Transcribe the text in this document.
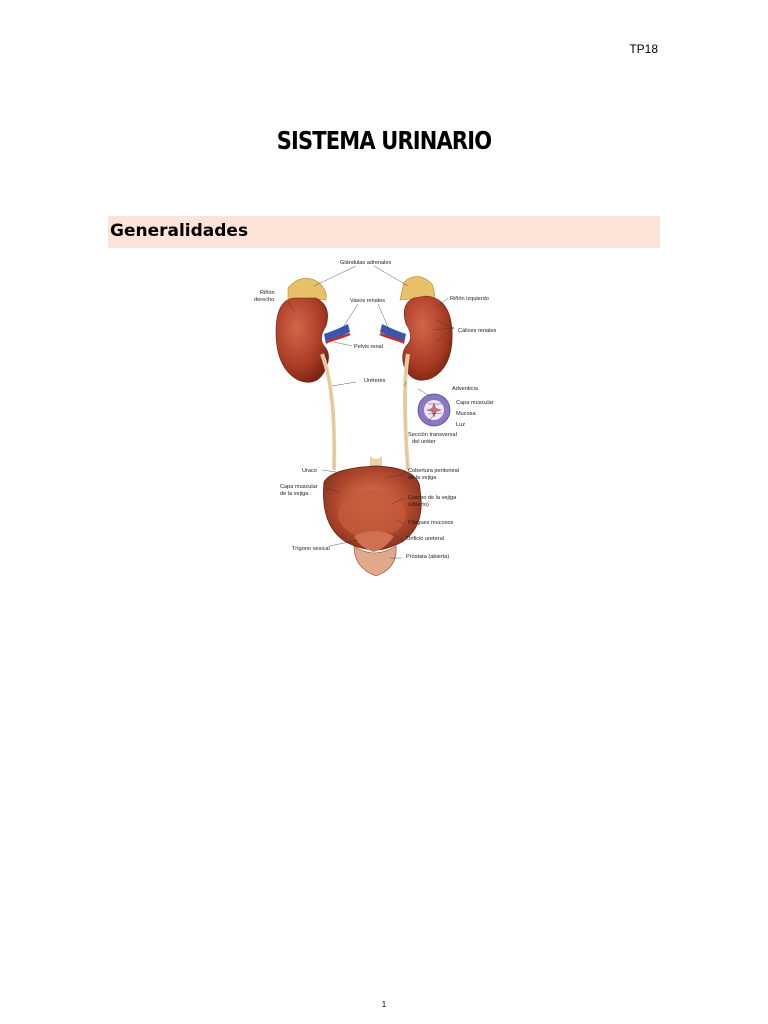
TP18
SISTEMA URINARIO
Generalidades
Glándulas adrenales
Riñón
derecho	Riñón izquierdo
Vasos renales
Cálices renales
Pelvis renal
Uréteres
Adventicia
Capa muscular
Mucosa
Luz
Sección transversal
del uréter
Uraco	Cobertura peritoneal
de la vejiga
Capa muscular
de la vejiga
Cuerpo de la vejiga
(abierto)
Pliegues mucosos
Orificio ureteral
Trígono vesical
Próstata (abierta)
1
